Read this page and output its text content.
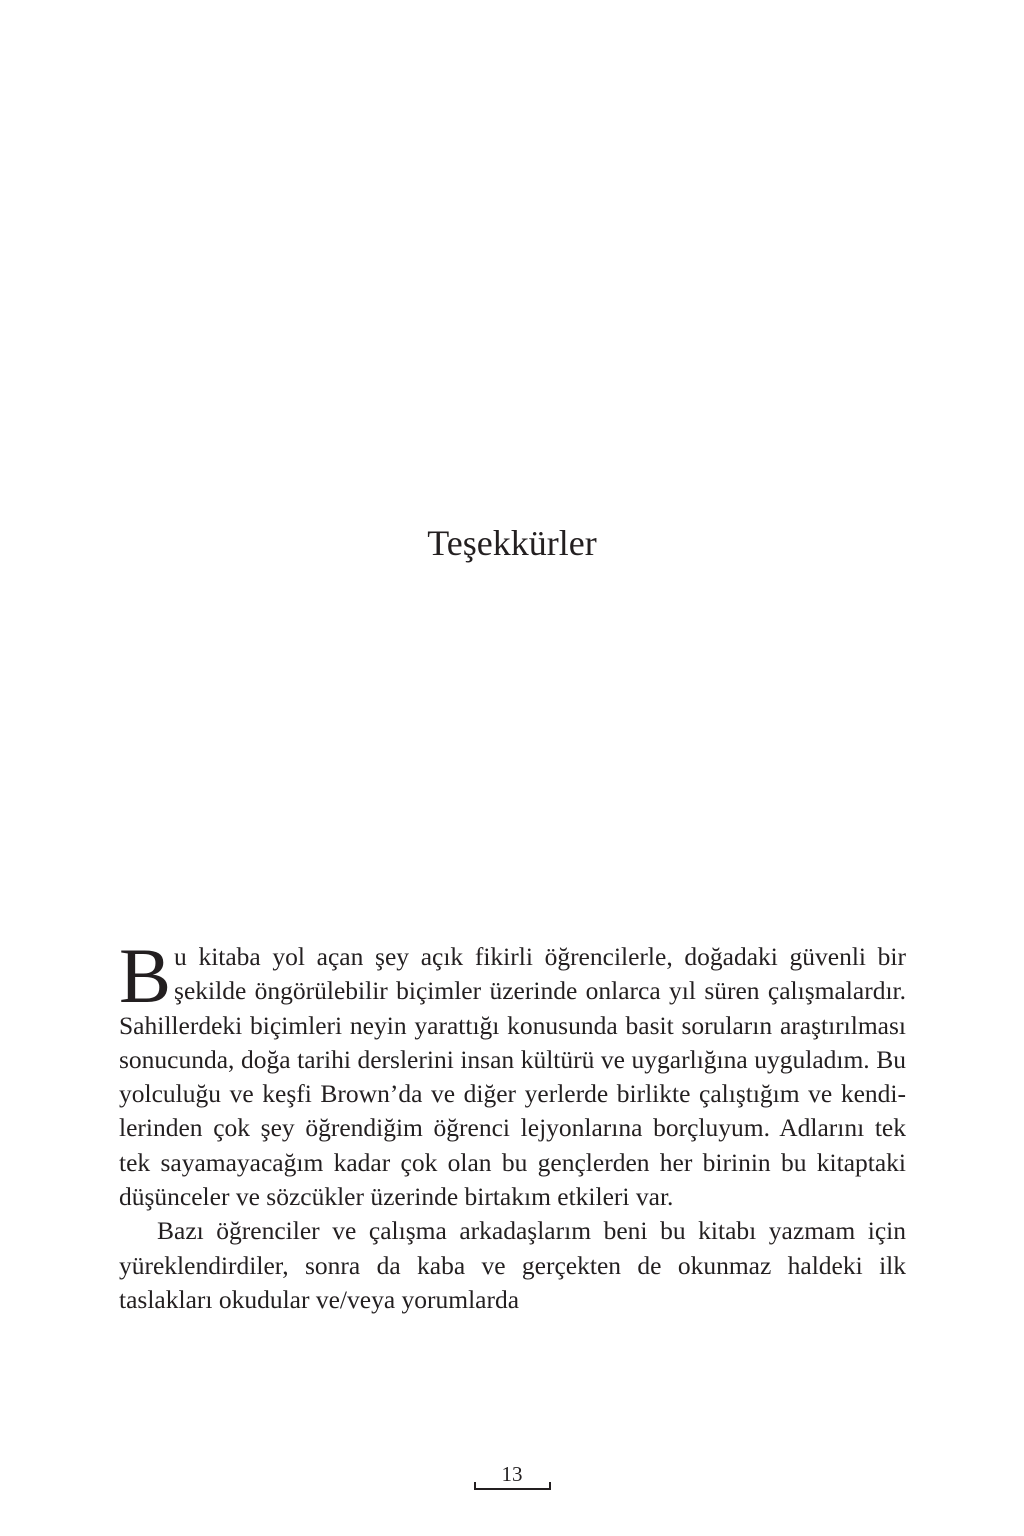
Teşekkürler

Bu kitaba yol açan şey açık fikirli öğrencilerle, doğadaki güvenli bir şekilde öngörülebilir biçimler üzerinde onlarca yıl süren çalışmalardır. Sahillerdeki biçimleri neyin yarattığı konusunda basit soruların araştırılması sonucunda, doğa tarihi derslerini insan kültürü ve uygarlığına uyguladım. Bu yolculuğu ve keşfi Brown’da ve diğer yerlerde birlikte çalıştığım ve kendilerinden çok şey öğrendiğim öğrenci lejyonlarına borçluyum. Adlarını tek tek sayamayacağım kadar çok olan bu gençlerden her birinin bu kitaptaki düşünceler ve sözcükler üzerinde birtakım etkileri var.

Bazı öğrenciler ve çalışma arkadaşlarım beni bu kitabı yazmam için yüreklendirdiler, sonra da kaba ve gerçekten de okunmaz haldeki ilk taslakları okudular ve/veya yorumlarda

13
